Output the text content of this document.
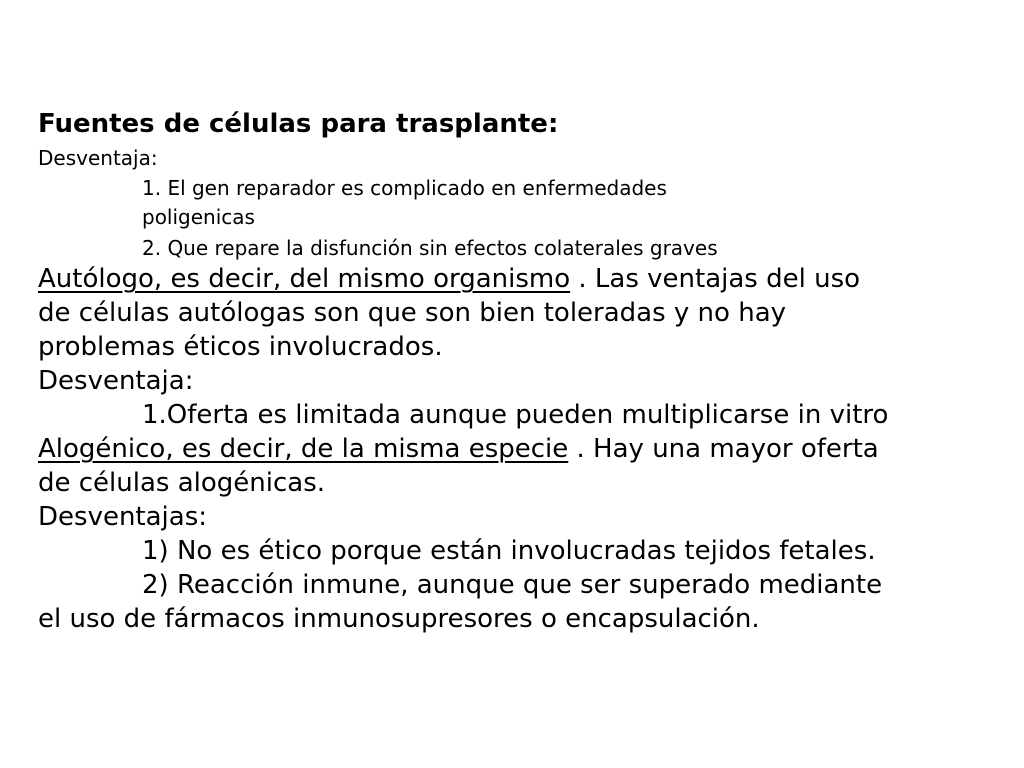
Fuentes de células para trasplante:
Desventaja:
1. El gen reparador es complicado en enfermedades
poligenicas
2. Que repare la disfunción sin efectos colaterales graves
Autólogo, es decir, del mismo organismo . Las ventajas del uso
de células autólogas son que son bien toleradas y no hay
problemas éticos involucrados.
Desventaja:
1.Oferta es limitada aunque pueden multiplicarse in vitro
Alogénico, es decir, de la misma especie . Hay una mayor oferta
de células alogénicas.
Desventajas:
1) No es ético porque están involucradas tejidos fetales.
2) Reacción inmune, aunque que ser superado mediante
el uso de fármacos inmunosupresores o encapsulación.
